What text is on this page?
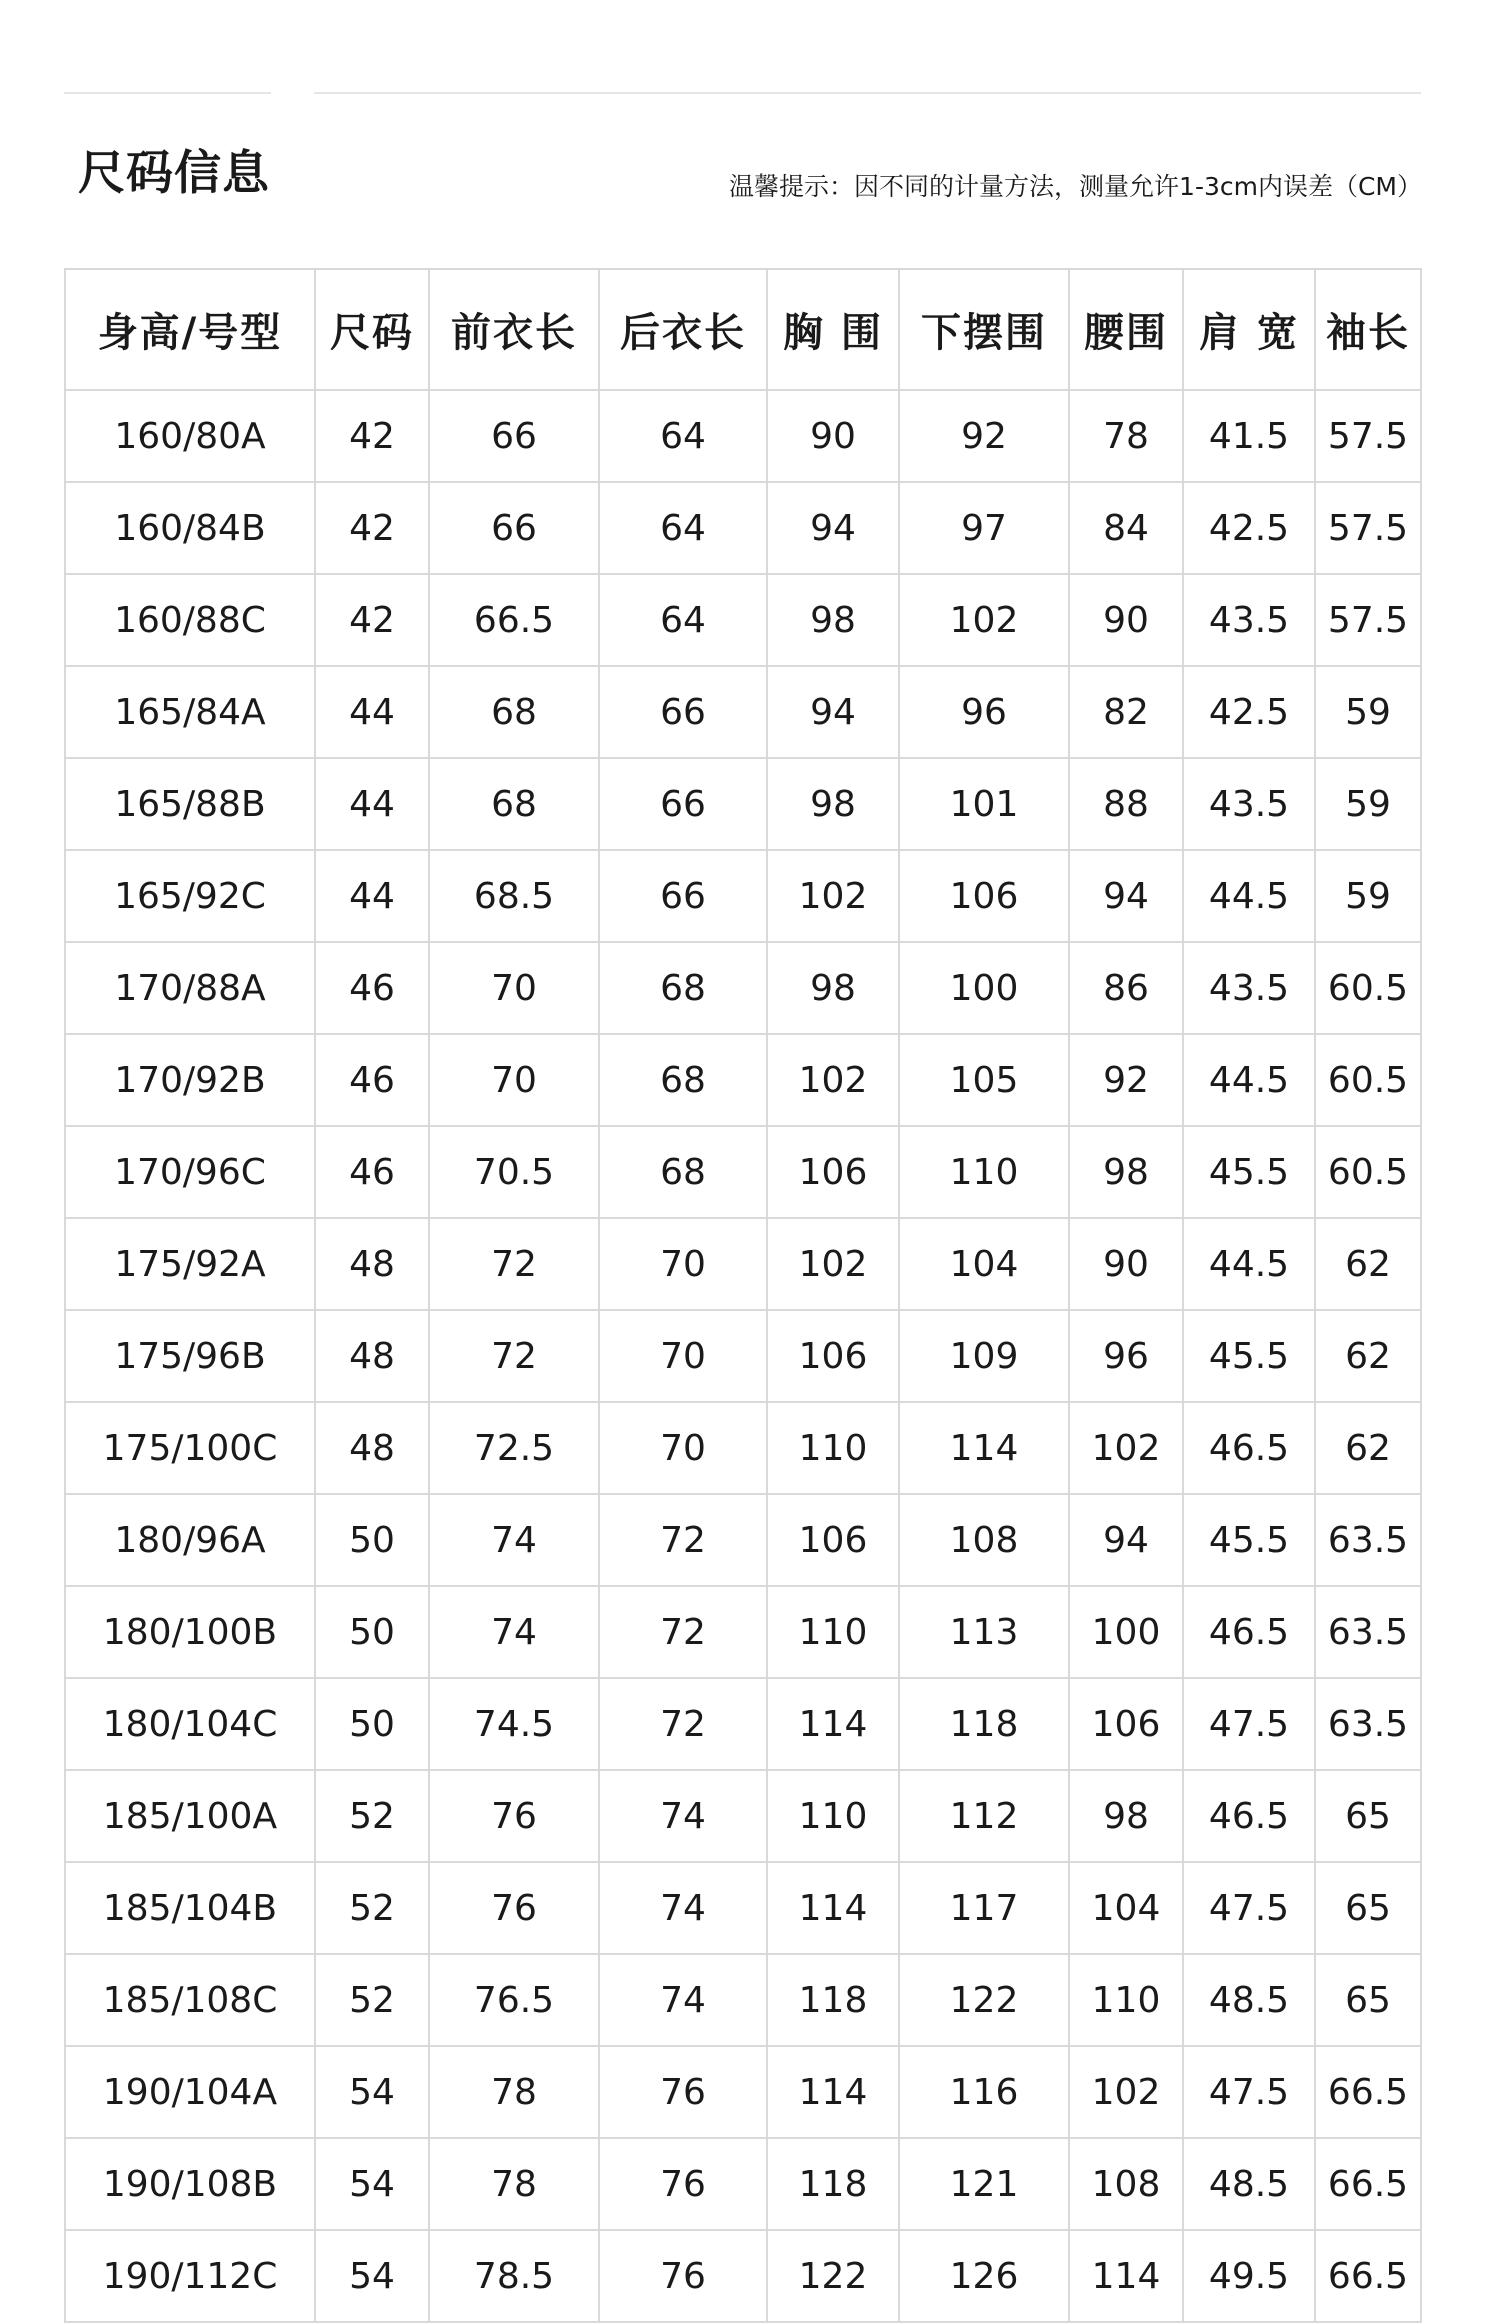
尺码信息	温馨提示：因不同的计量方法，测量允许1-3cm内误差（CM）
身高/号型	尺码	前衣长	后衣长	胸 围	下摆围	腰围	肩 宽	袖长
160/80A	42	66	64	90	92	78	41.5	57.5
160/84B	42	66	64	94	97	84	42.5	57.5
160/88C	42	66.5	64	98	102	90	43.5	57.5
165/84A	44	68	66	94	96	82	42.5	59
165/88B	44	68	66	98	101	88	43.5	59
165/92C	44	68.5	66	102	106	94	44.5	59
170/88A	46	70	68	98	100	86	43.5	60.5
170/92B	46	70	68	102	105	92	44.5	60.5
170/96C	46	70.5	68	106	110	98	45.5	60.5
175/92A	48	72	70	102	104	90	44.5	62
175/96B	48	72	70	106	109	96	45.5	62
175/100C	48	72.5	70	110	114	102	46.5	62
180/96A	50	74	72	106	108	94	45.5	63.5
180/100B	50	74	72	110	113	100	46.5	63.5
180/104C	50	74.5	72	114	118	106	47.5	63.5
185/100A	52	76	74	110	112	98	46.5	65
185/104B	52	76	74	114	117	104	47.5	65
185/108C	52	76.5	74	118	122	110	48.5	65
190/104A	54	78	76	114	116	102	47.5	66.5
190/108B	54	78	76	118	121	108	48.5	66.5
190/112C	54	78.5	76	122	126	114	49.5	66.5
